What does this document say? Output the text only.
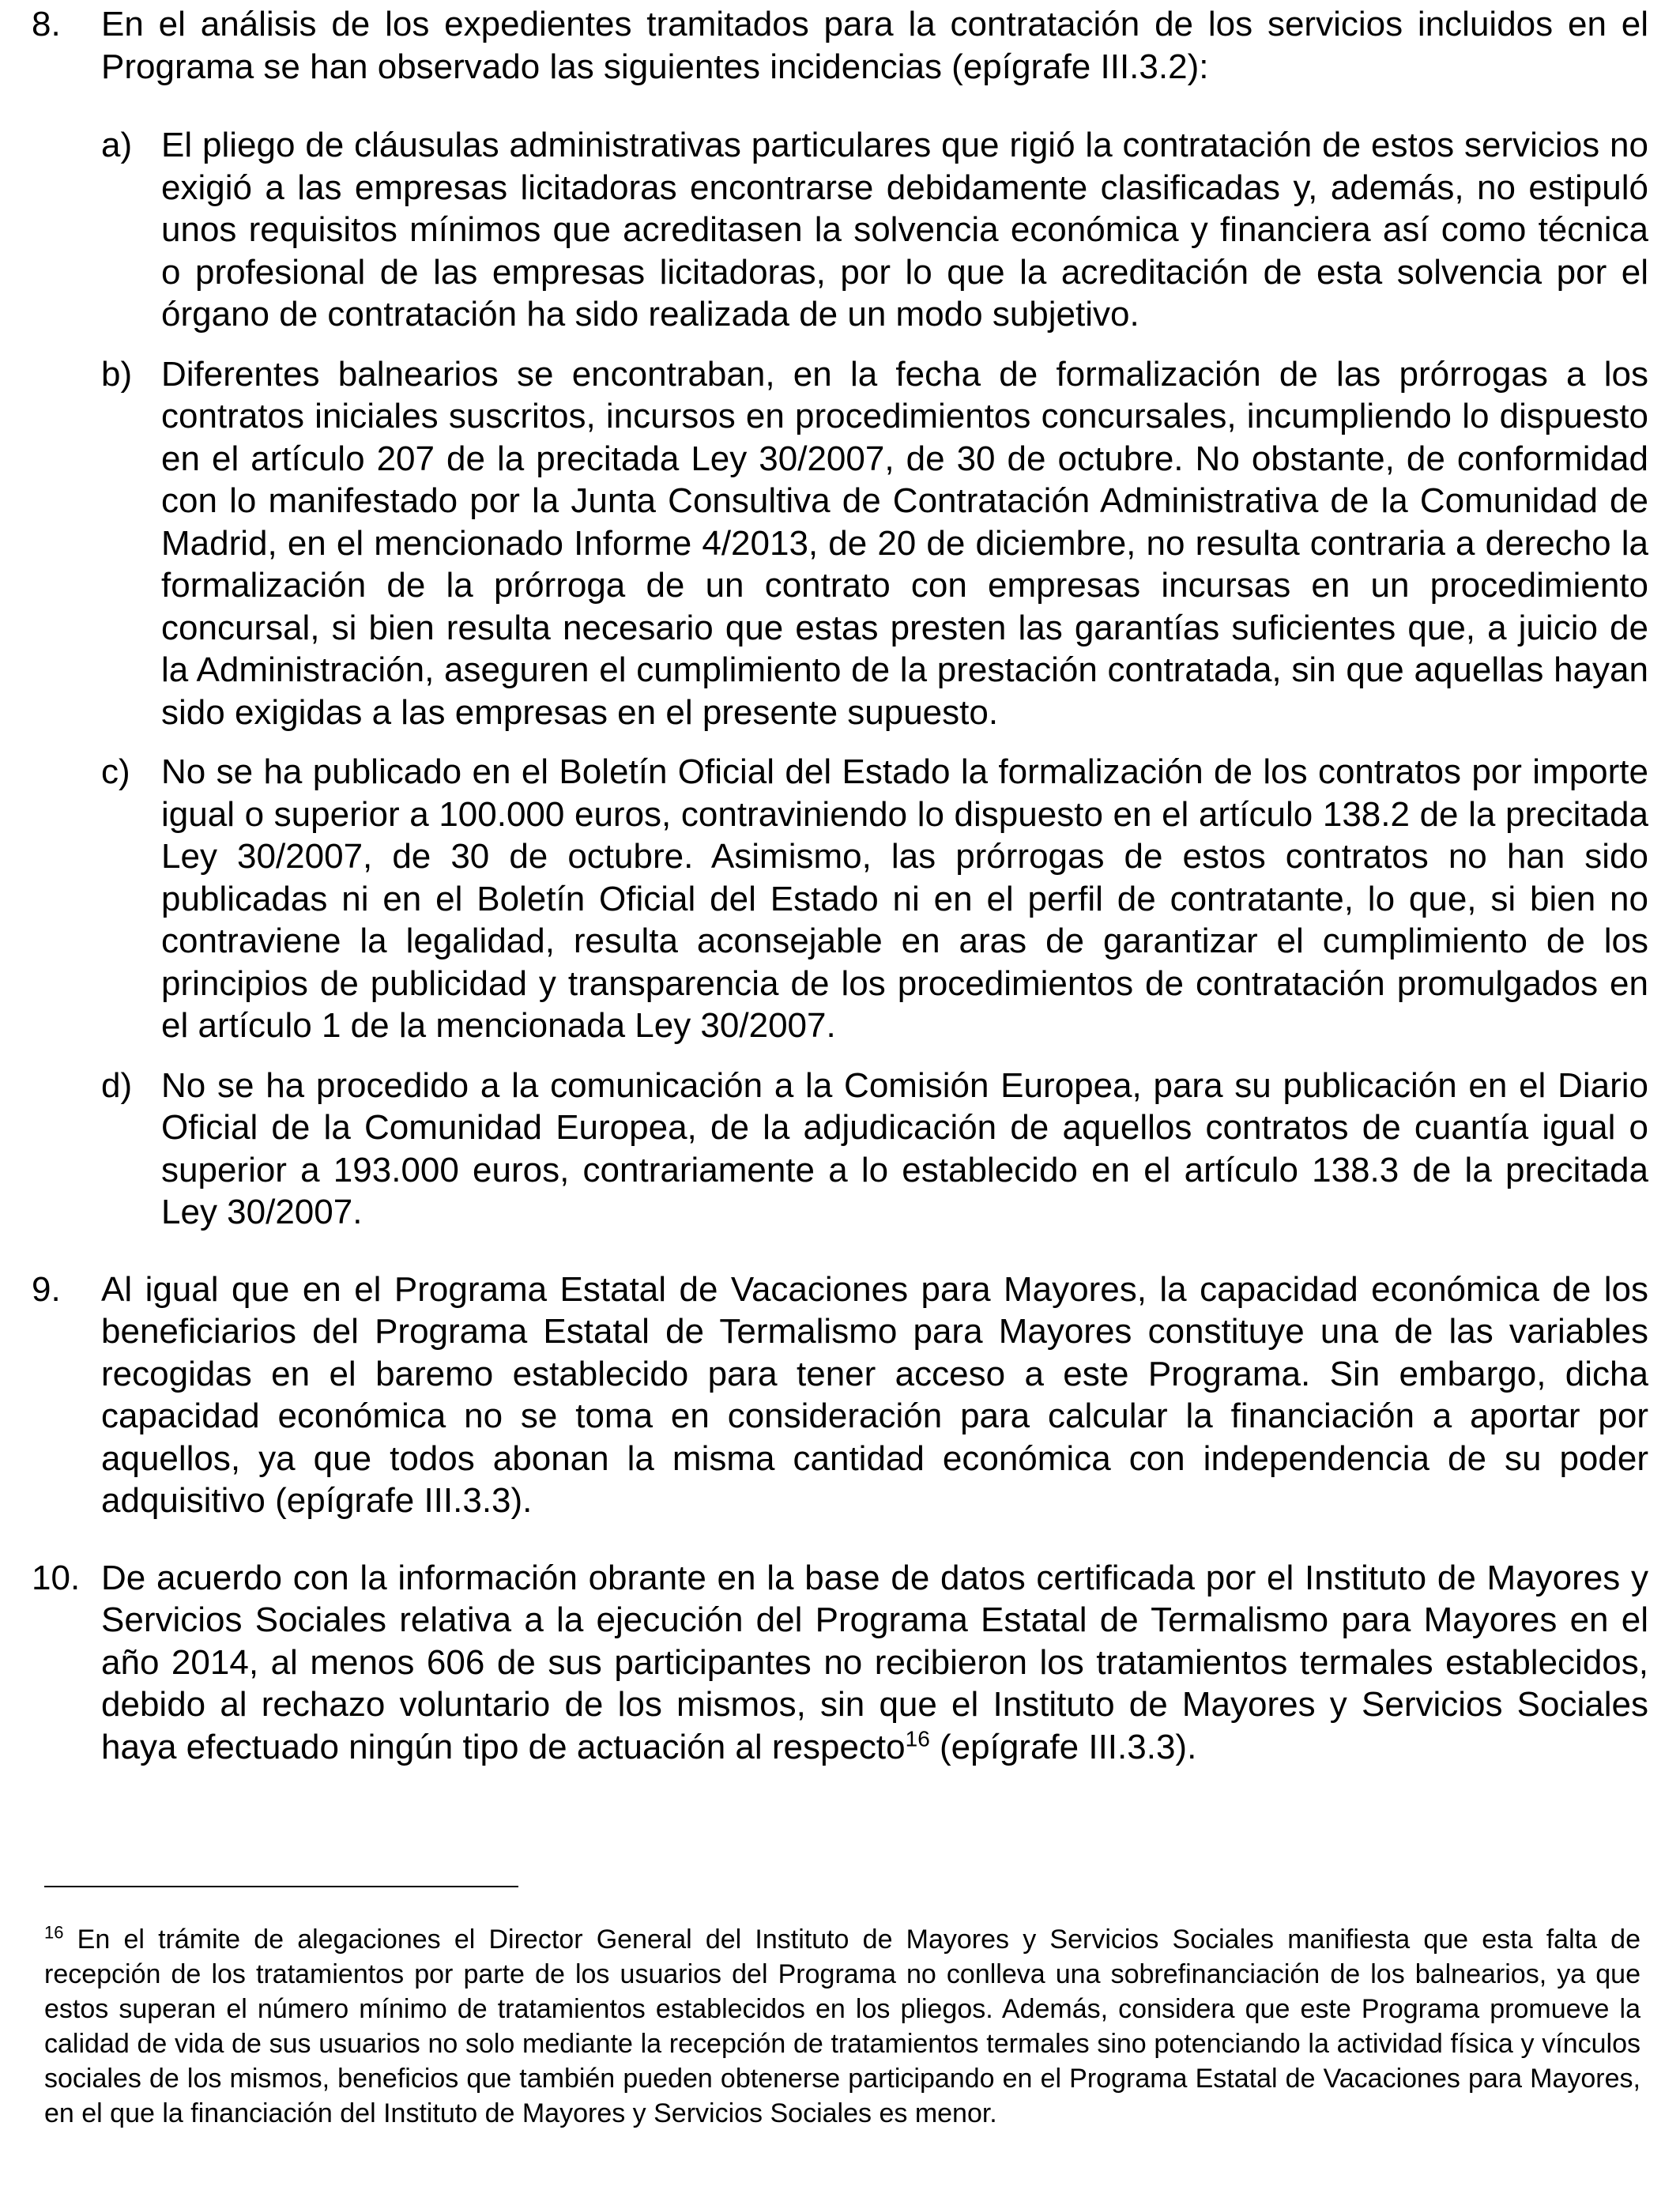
8.	En el análisis de los expedientes tramitados para la contratación de los servicios incluidos en el Programa se han observado las siguientes incidencias (epígrafe III.3.2):
a) El pliego de cláusulas administrativas particulares que rigió la contratación de estos servicios no exigió a las empresas licitadoras encontrarse debidamente clasificadas y, además, no estipuló unos requisitos mínimos que acreditasen la solvencia económica y financiera así como técnica o profesional de las empresas licitadoras, por lo que la acreditación de esta solvencia por el órgano de contratación ha sido realizada de un modo subjetivo.
b) Diferentes balnearios se encontraban, en la fecha de formalización de las prórrogas a los contratos iniciales suscritos, incursos en procedimientos concursales, incumpliendo lo dispuesto en el artículo 207 de la precitada Ley 30/2007, de 30 de octubre. No obstante, de conformidad con lo manifestado por la Junta Consultiva de Contratación Administrativa de la Comunidad de Madrid, en el mencionado Informe 4/2013, de 20 de diciembre, no resulta contraria a derecho la formalización de la prórroga de un contrato con empresas incursas en un procedimiento concursal, si bien resulta necesario que estas presten las garantías suficientes que, a juicio de la Administración, aseguren el cumplimiento de la prestación contratada, sin que aquellas hayan sido exigidas a las empresas en el presente supuesto.
c) No se ha publicado en el Boletín Oficial del Estado la formalización de los contratos por importe igual o superior a 100.000 euros, contraviniendo lo dispuesto en el artículo 138.2 de la precitada Ley 30/2007, de 30 de octubre. Asimismo, las prórrogas de estos contratos no han sido publicadas ni en el Boletín Oficial del Estado ni en el perfil de contratante, lo que, si bien no contraviene la legalidad, resulta aconsejable en aras de garantizar el cumplimiento de los principios de publicidad y transparencia de los procedimientos de contratación promulgados en el artículo 1 de la mencionada Ley 30/2007.
d) No se ha procedido a la comunicación a la Comisión Europea, para su publicación en el Diario Oficial de la Comunidad Europea, de la adjudicación de aquellos contratos de cuantía igual o superior a 193.000 euros, contrariamente a lo establecido en el artículo 138.3 de la precitada Ley 30/2007.
9.	Al igual que en el Programa Estatal de Vacaciones para Mayores, la capacidad económica de los beneficiarios del Programa Estatal de Termalismo para Mayores constituye una de las variables recogidas en el baremo establecido para tener acceso a este Programa. Sin embargo, dicha capacidad económica no se toma en consideración para calcular la financiación a aportar por aquellos, ya que todos abonan la misma cantidad económica con independencia de su poder adquisitivo (epígrafe III.3.3).
10. De acuerdo con la información obrante en la base de datos certificada por el Instituto de Mayores y Servicios Sociales relativa a la ejecución del Programa Estatal de Termalismo para Mayores en el año 2014, al menos 606 de sus participantes no recibieron los tratamientos termales establecidos, debido al rechazo voluntario de los mismos, sin que el Instituto de Mayores y Servicios Sociales haya efectuado ningún tipo de actuación al respecto$^{16}$ (epígrafe III.3.3).
$^{16}$ En el trámite de alegaciones el Director General del Instituto de Mayores y Servicios Sociales manifiesta que esta falta de recepción de los tratamientos por parte de los usuarios del Programa no conlleva una sobrefinanciación de los balnearios, ya que estos superan el número mínimo de tratamientos establecidos en los pliegos. Además, considera que este Programa promueve la calidad de vida de sus usuarios no solo mediante la recepción de tratamientos termales sino potenciando la actividad física y vínculos sociales de los mismos, beneficios que también pueden obtenerse participando en el Programa Estatal de Vacaciones para Mayores, en el que la financiación del Instituto de Mayores y Servicios Sociales es menor.
